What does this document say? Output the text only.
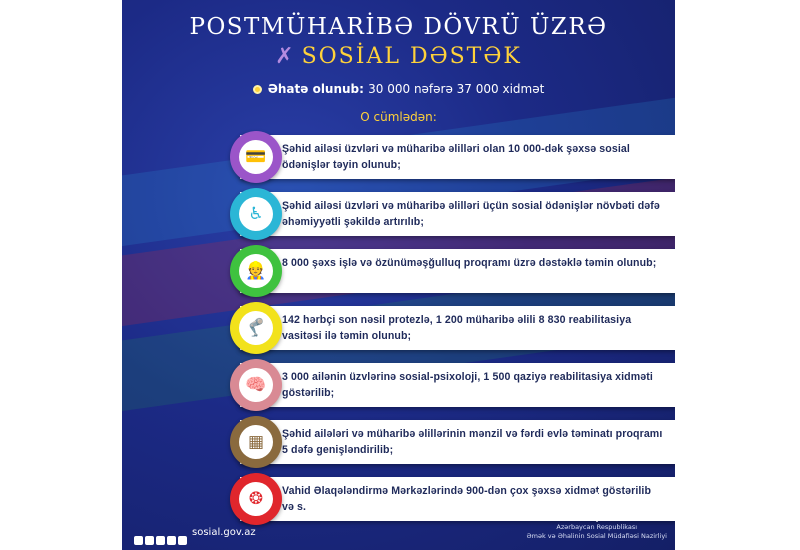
POSTMÜHARİBƏ DÖVRÜ ÜZRƏ
✗ SOSİAL DƏSTƏK
Əhatə olunub: 30 000 nəfərə 37 000 xidmət
O cümlədən:
Şəhid ailəsi üzvləri və müharibə əlilləri olan 10 000-dək şəxsə sosial ödənişlər təyin olunub;
💳
Şəhid ailəsi üzvləri və müharibə əlilləri üçün sosial ödənişlər növbəti dəfə əhəmiyyətli şəkildə artırılıb;
♿
8 000 şəxs işlə və özünüməşğulluq proqramı üzrə dəstəklə təmin olunub;
👷
142 hərbçi son nəsil protezlə, 1 200 müharibə əlili 8 830 reabilitasiya vasitəsi ilə təmin olunub;
🦿
3 000 ailənin üzvlərinə sosial-psixoloji, 1 500 qaziyə reabilitasiya xidməti göstərilib;
🧠
Şəhid ailələri və müharibə əlillərinin mənzil və fərdi evlə təminatı proqramı 5 dəfə genişləndirilib;
▦
Vahid Əlaqələndirmə Mərkəzlərində 900-dən çox şəxsə xidmət göstərilib və s.
❂
sosial.gov.az	Azərbaycan Respublikası
Əmək və Əhalinin Sosial Müdafiəsi Nazirliyi
